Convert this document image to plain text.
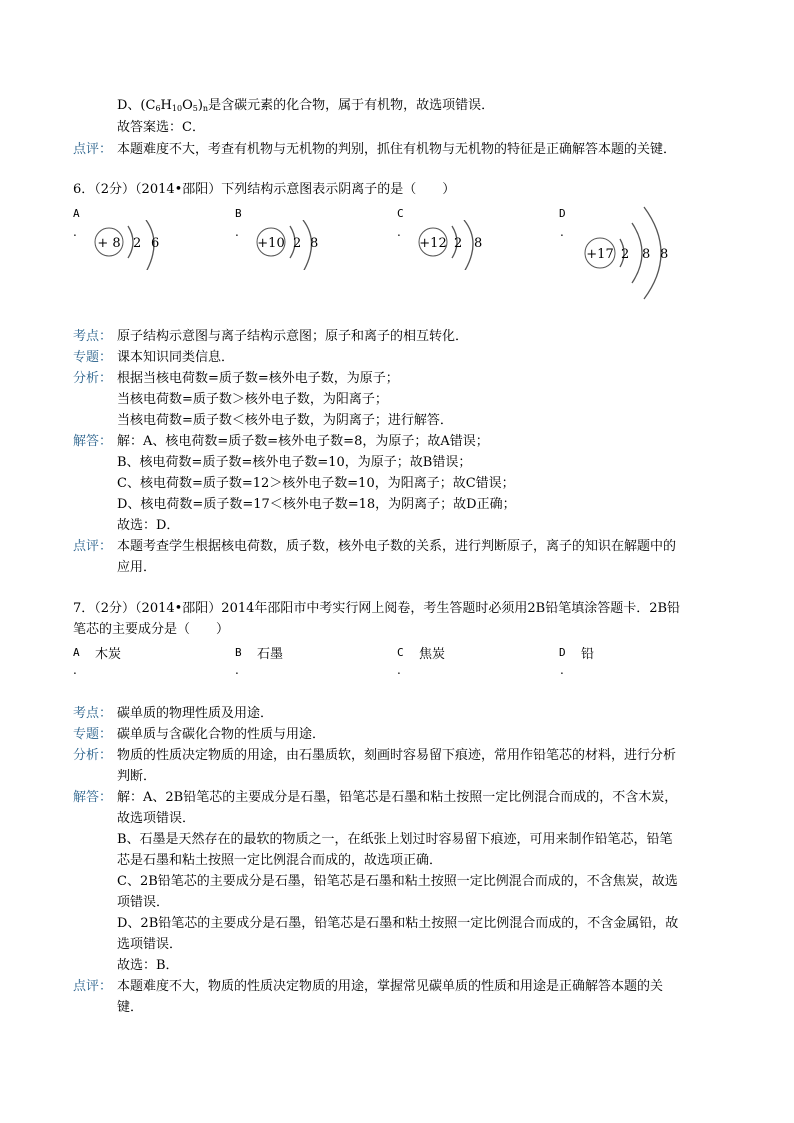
D、$(C_6H_{10}O_5)_n$是含碳元素的化合物，属于有机物，故选项错误．
故答案选：C．
点评： 本题难度不大，考查有机物与无机物的判别，抓住有机物与无机物的特征是正确解答本题的关键．
6．（2分）（2014•邵阳）下列结构示意图表示阴离子的是（　　）
A
.
B
.
C
.
D
.
+ 8 2 6	+10 2 8	+12 2 8
+17 2 8 8
考点： 原子结构示意图与离子结构示意图；原子和离子的相互转化．
专题： 课本知识同类信息．
分析： 根据当核电荷数=质子数=核外电子数，为原子；
当核电荷数=质子数＞核外电子数，为阳离子；
当核电荷数=质子数＜核外电子数，为阴离子；进行解答．
解答： 解：A、核电荷数=质子数=核外电子数=8，为原子；故A错误；
B、核电荷数=质子数=核外电子数=10，为原子；故B错误；
C、核电荷数=质子数=12＞核外电子数=10，为阳离子；故C错误；
D、核电荷数=质子数=17＜核外电子数=18，为阴离子；故D正确；
故选：D．
点评： 本题考查学生根据核电荷数，质子数，核外电子数的关系，进行判断原子，离子的知识在解题中的
应用．
7．（2分）（2014•邵阳）2014年邵阳市中考实行网上阅卷，考生答题时必须用2B铅笔填涂答题卡．2B铅
笔芯的主要成分是（　　）
A 木炭
.
B 石墨
.
C 焦炭
.
D 铅
.
考点： 碳单质的物理性质及用途．
专题： 碳单质与含碳化合物的性质与用途．
分析： 物质的性质决定物质的用途，由石墨质软，刻画时容易留下痕迹，常用作铅笔芯的材料，进行分析
判断．
解答： 解：A、2B铅笔芯的主要成分是石墨，铅笔芯是石墨和粘土按照一定比例混合而成的，不含木炭，
故选项错误．
B、石墨是天然存在的最软的物质之一，在纸张上划过时容易留下痕迹，可用来制作铅笔芯，铅笔
芯是石墨和粘土按照一定比例混合而成的，故选项正确．
C、2B铅笔芯的主要成分是石墨，铅笔芯是石墨和粘土按照一定比例混合而成的，不含焦炭，故选
项错误．
D、2B铅笔芯的主要成分是石墨，铅笔芯是石墨和粘土按照一定比例混合而成的，不含金属铅，故
选项错误．
故选：B．
点评： 本题难度不大，物质的性质决定物质的用途，掌握常见碳单质的性质和用途是正确解答本题的关
键．
